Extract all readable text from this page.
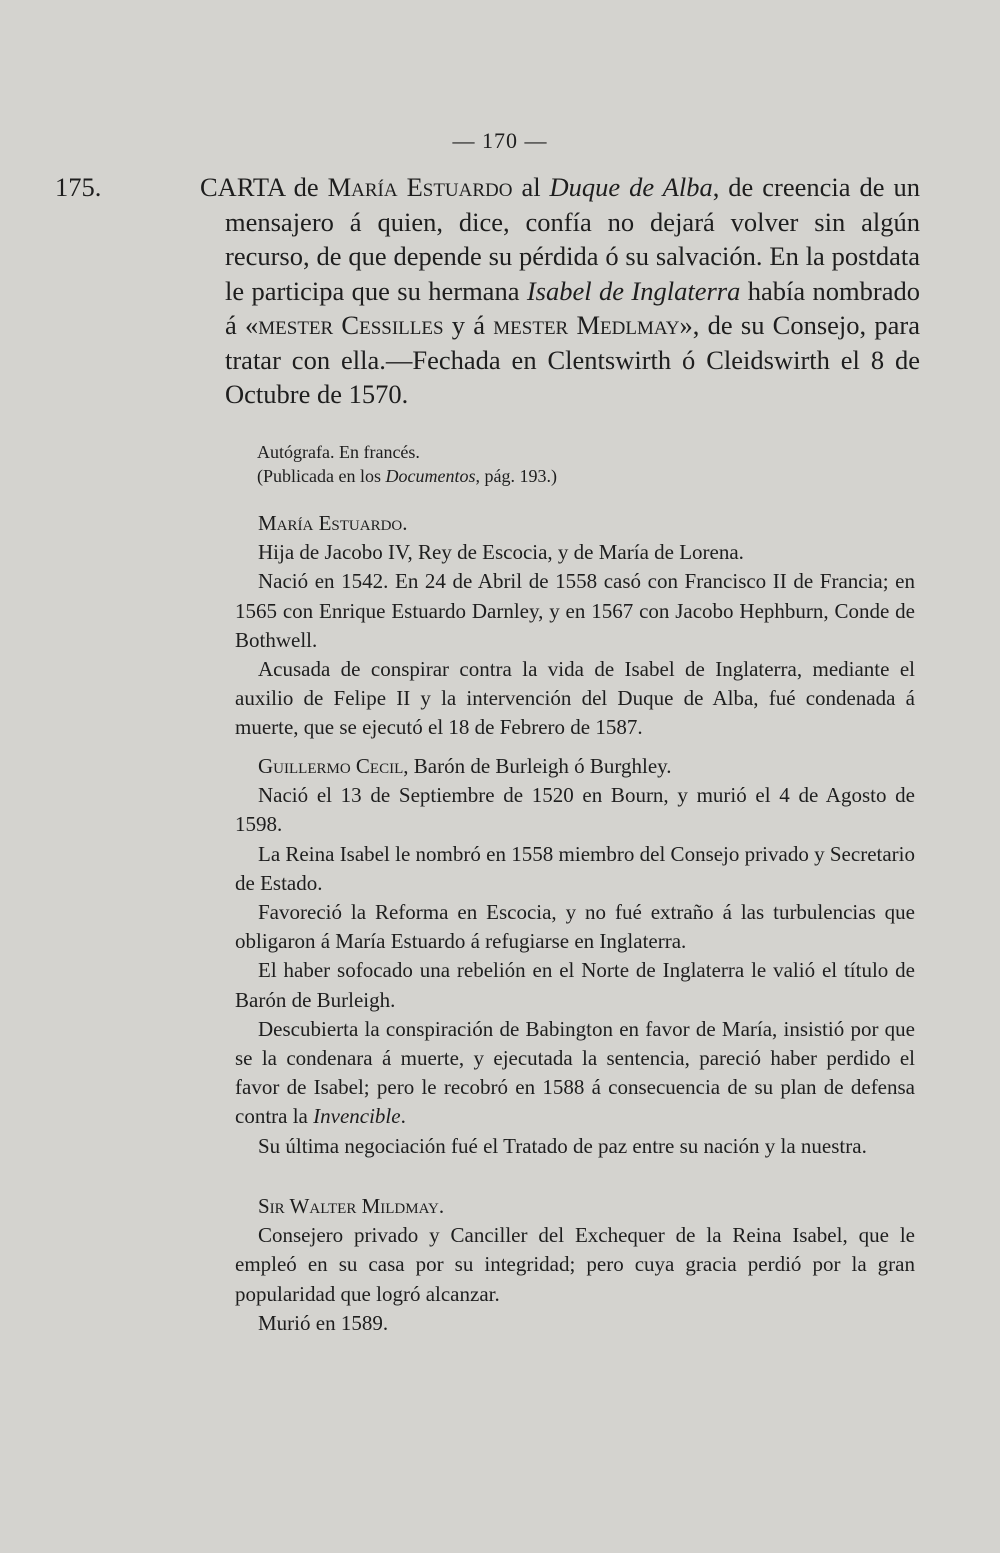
— 170 —

175.	CARTA de María Estuardo al Duque de Alba, de creencia de un mensajero á quien, dice, confía no dejará volver sin algún recurso, de que depende su pérdida ó su salvación. En la postdata le participa que su hermana Isabel de Inglaterra había nombrado á «mester Cessilles y á mester Medlmay», de su Consejo, para tratar con ella.—Fechada en Clentswirth ó Cleidswirth el 8 de Octubre de 1570.

Autógrafa. En francés.

(Publicada en los Documentos, pág. 193.)

María Estuardo.

Hija de Jacobo IV, Rey de Escocia, y de María de Lorena.

Nació en 1542. En 24 de Abril de 1558 casó con Francisco II de Francia; en 1565 con Enrique Estuardo Darnley, y en 1567 con Jacobo Hephburn, Conde de Bothwell.

Acusada de conspirar contra la vida de Isabel de Inglaterra, mediante el auxilio de Felipe II y la intervención del Duque de Alba, fué condenada á muerte, que se ejecutó el 18 de Febrero de 1587.

Guillermo Cecil, Barón de Burleigh ó Burghley.

Nació el 13 de Septiembre de 1520 en Bourn, y murió el 4 de Agosto de 1598.

La Reina Isabel le nombró en 1558 miembro del Consejo privado y Secretario de Estado.

Favoreció la Reforma en Escocia, y no fué extraño á las turbulencias que obligaron á María Estuardo á refugiarse en Inglaterra.

El haber sofocado una rebelión en el Norte de Inglaterra le valió el título de Barón de Burleigh.

Descubierta la conspiración de Babington en favor de María, insistió por que se la condenara á muerte, y ejecutada la sentencia, pareció haber perdido el favor de Isabel; pero le recobró en 1588 á consecuencia de su plan de defensa contra la Invencible.

Su última negociación fué el Tratado de paz entre su nación y la nuestra.

Sir Walter Mildmay.

Consejero privado y Canciller del Exchequer de la Reina Isabel, que le empleó en su casa por su integridad; pero cuya gracia perdió por la gran popularidad que logró alcanzar.

Murió en 1589.
